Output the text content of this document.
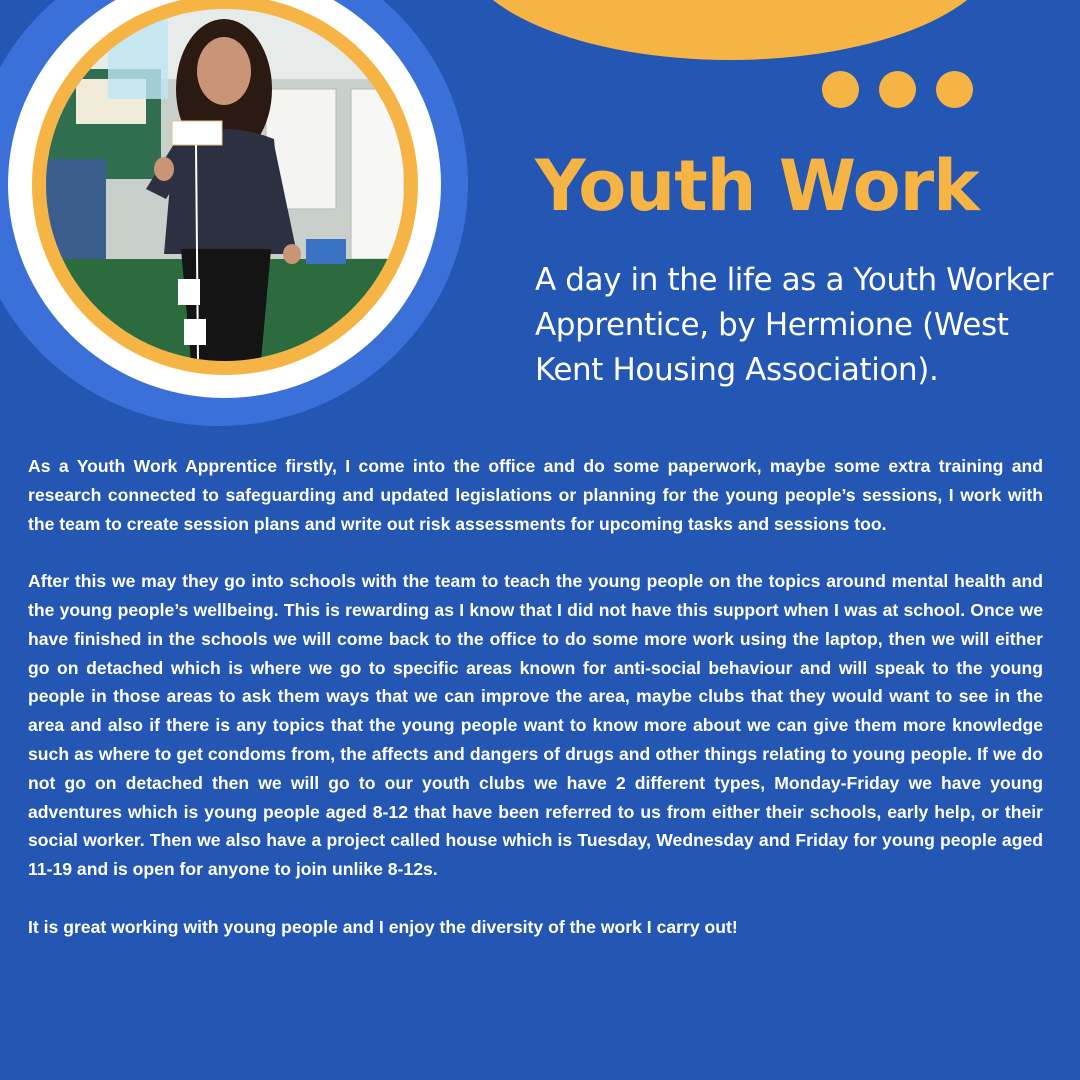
Youth Work

A day in the life as a Youth Worker Apprentice, by Hermione (West Kent Housing Association).

As a Youth Work Apprentice firstly, I come into the office and do some paperwork, maybe some extra training and research connected to safeguarding and updated legislations or planning for the young people’s sessions, I work with the team to create session plans and write out risk assessments for upcoming tasks and sessions too.

After this we may they go into schools with the team to teach the young people on the topics around mental health and the young people’s wellbeing. This is rewarding as I know that I did not have this support when I was at school. Once we have finished in the schools we will come back to the office to do some more work using the laptop, then we will either go on detached which is where we go to specific areas known for anti-social behaviour and will speak to the young people in those areas to ask them ways that we can improve the area, maybe clubs that they would want to see in the area and also if there is any topics that the young people want to know more about we can give them more knowledge such as where to get condoms from, the affects and dangers of drugs and other things relating to young people. If we do not go on detached then we will go to our youth clubs we have 2 different types, Monday-Friday we have young adventures which is young people aged 8-12 that have been referred to us from either their schools, early help, or their social worker. Then we also have a project called house which is Tuesday, Wednesday and Friday for young people aged 11-19 and is open for anyone to join unlike 8-12s.

It is great working with young people and I enjoy the diversity of the work I carry out!
